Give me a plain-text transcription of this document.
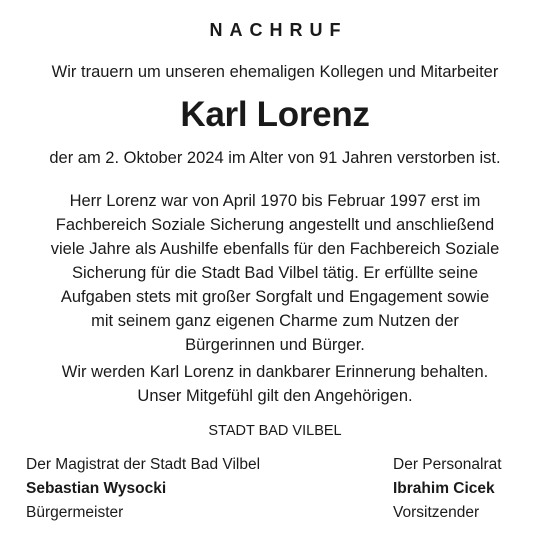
NACHRUF
Wir trauern um unseren ehemaligen Kollegen und Mitarbeiter
Karl Lorenz
der am 2. Oktober 2024 im Alter von 91 Jahren verstorben ist.
Herr Lorenz war von April 1970 bis Februar 1997 erst im
Fachbereich Soziale Sicherung angestellt und anschließend
viele Jahre als Aushilfe ebenfalls für den Fachbereich Soziale
Sicherung für die Stadt Bad Vilbel tätig. Er erfüllte seine
Aufgaben stets mit großer Sorgfalt und Engagement sowie
mit seinem ganz eigenen Charme zum Nutzen der
Bürgerinnen und Bürger.
Wir werden Karl Lorenz in dankbarer Erinnerung behalten.
Unser Mitgefühl gilt den Angehörigen.
STADT BAD VILBEL
Der Magistrat der Stadt Bad Vilbel
Sebastian Wysocki
Bürgermeister
Der Personalrat
Ibrahim Cicek
Vorsitzender
